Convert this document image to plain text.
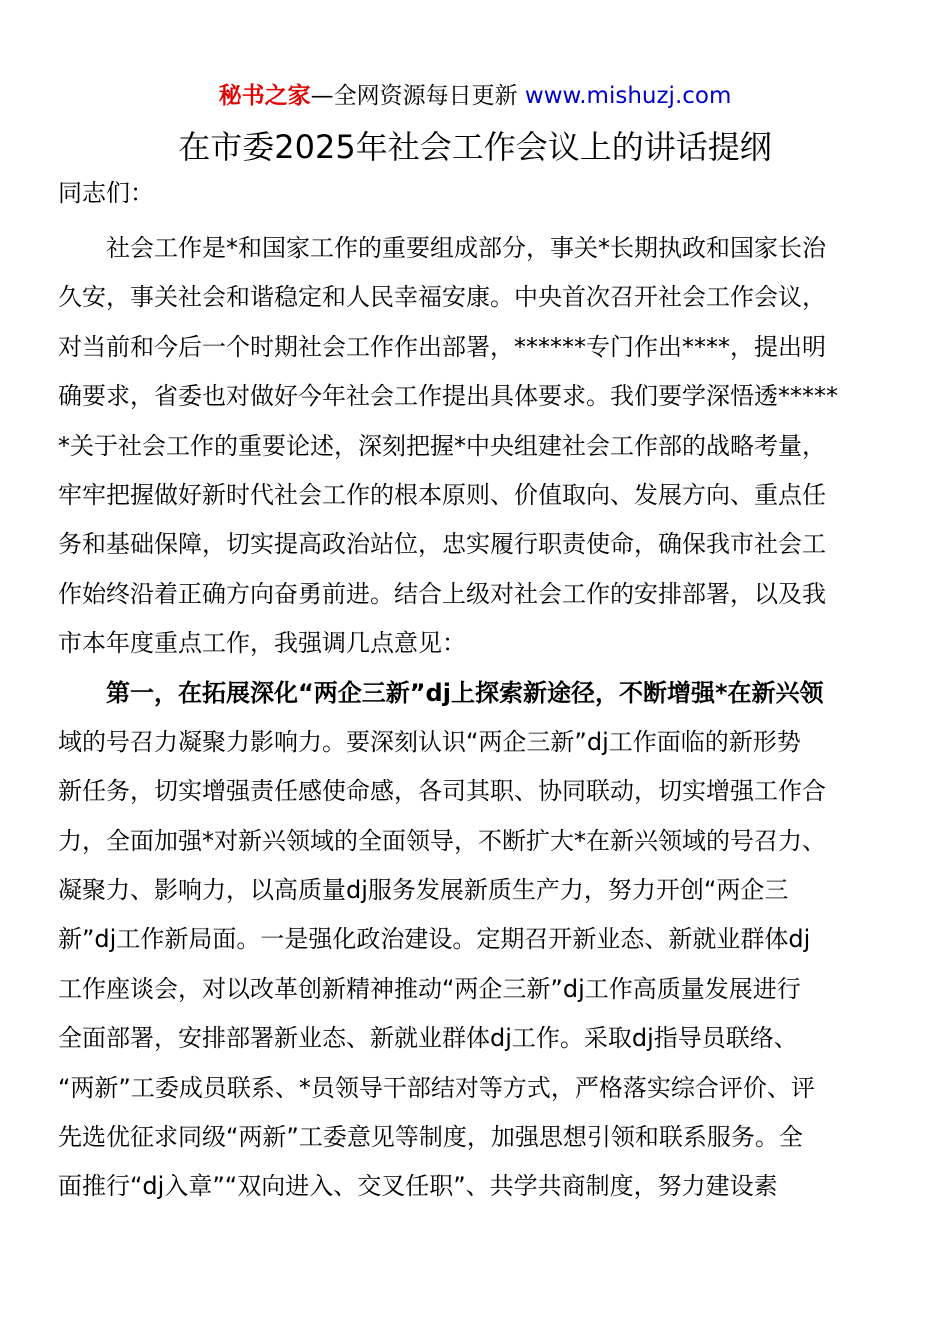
秘书之家—全网资源每日更新 www.mishuzj.com
在市委2025年社会工作会议上的讲话提纲
同志们：
社会工作是*和国家工作的重要组成部分，事关*长期执政和国家长治
久安，事关社会和谐稳定和人民幸福安康。中央首次召开社会工作会议，
对当前和今后一个时期社会工作作出部署，******专门作出****，提出明
确要求，省委也对做好今年社会工作提出具体要求。我们要学深悟透*****
*关于社会工作的重要论述，深刻把握*中央组建社会工作部的战略考量，
牢牢把握做好新时代社会工作的根本原则、价值取向、发展方向、重点任
务和基础保障，切实提高政治站位，忠实履行职责使命，确保我市社会工
作始终沿着正确方向奋勇前进。结合上级对社会工作的安排部署，以及我
市本年度重点工作，我强调几点意见：
第一，在拓展深化“两企三新”dj上探索新途径，不断增强*在新兴领
域的号召力凝聚力影响力。要深刻认识“两企三新”dj工作面临的新形势
新任务，切实增强责任感使命感，各司其职、协同联动，切实增强工作合
力，全面加强*对新兴领域的全面领导，不断扩大*在新兴领域的号召力、
凝聚力、影响力，以高质量dj服务发展新质生产力，努力开创“两企三
新”dj工作新局面。一是强化政治建设。定期召开新业态、新就业群体dj
工作座谈会，对以改革创新精神推动“两企三新”dj工作高质量发展进行
全面部署，安排部署新业态、新就业群体dj工作。采取dj指导员联络、
“两新”工委成员联系、*员领导干部结对等方式，严格落实综合评价、评
先选优征求同级“两新”工委意见等制度，加强思想引领和联系服务。全
面推行“dj入章”“双向进入、交叉任职”、共学共商制度，努力建设素
